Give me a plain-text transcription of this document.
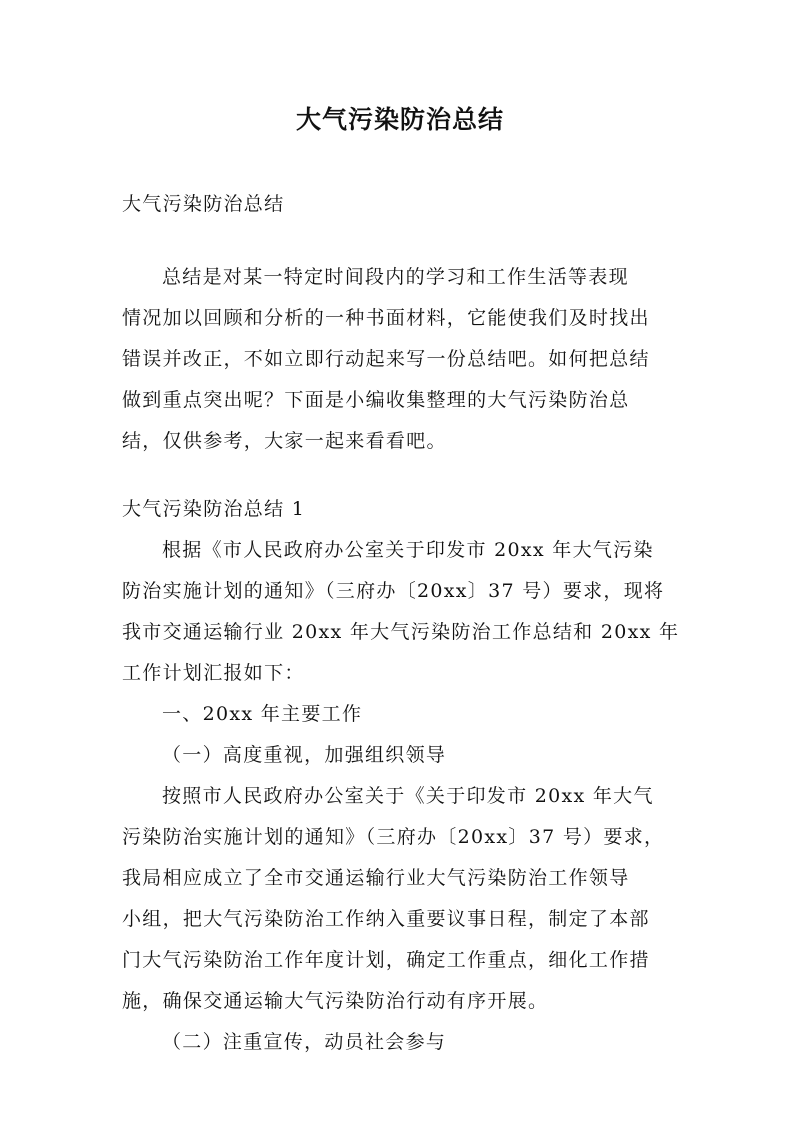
大气污染防治总结
大气污染防治总结
总结是对某一特定时间段内的学习和工作生活等表现
情况加以回顾和分析的一种书面材料，它能使我们及时找出
错误并改正，不如立即行动起来写一份总结吧。如何把总结
做到重点突出呢？下面是小编收集整理的大气污染防治总
结，仅供参考，大家一起来看看吧。
大气污染防治总结 1
根据《市人民政府办公室关于印发市 20xx 年大气污染
防治实施计划的通知》（三府办〔20xx〕37 号）要求，现将
我市交通运输行业 20xx 年大气污染防治工作总结和 20xx 年
工作计划汇报如下：
一、20xx 年主要工作
（一）高度重视，加强组织领导
按照市人民政府办公室关于《关于印发市 20xx 年大气
污染防治实施计划的通知》（三府办〔20xx〕37 号）要求，
我局相应成立了全市交通运输行业大气污染防治工作领导
小组，把大气污染防治工作纳入重要议事日程，制定了本部
门大气污染防治工作年度计划，确定工作重点，细化工作措
施，确保交通运输大气污染防治行动有序开展。
（二）注重宣传，动员社会参与
